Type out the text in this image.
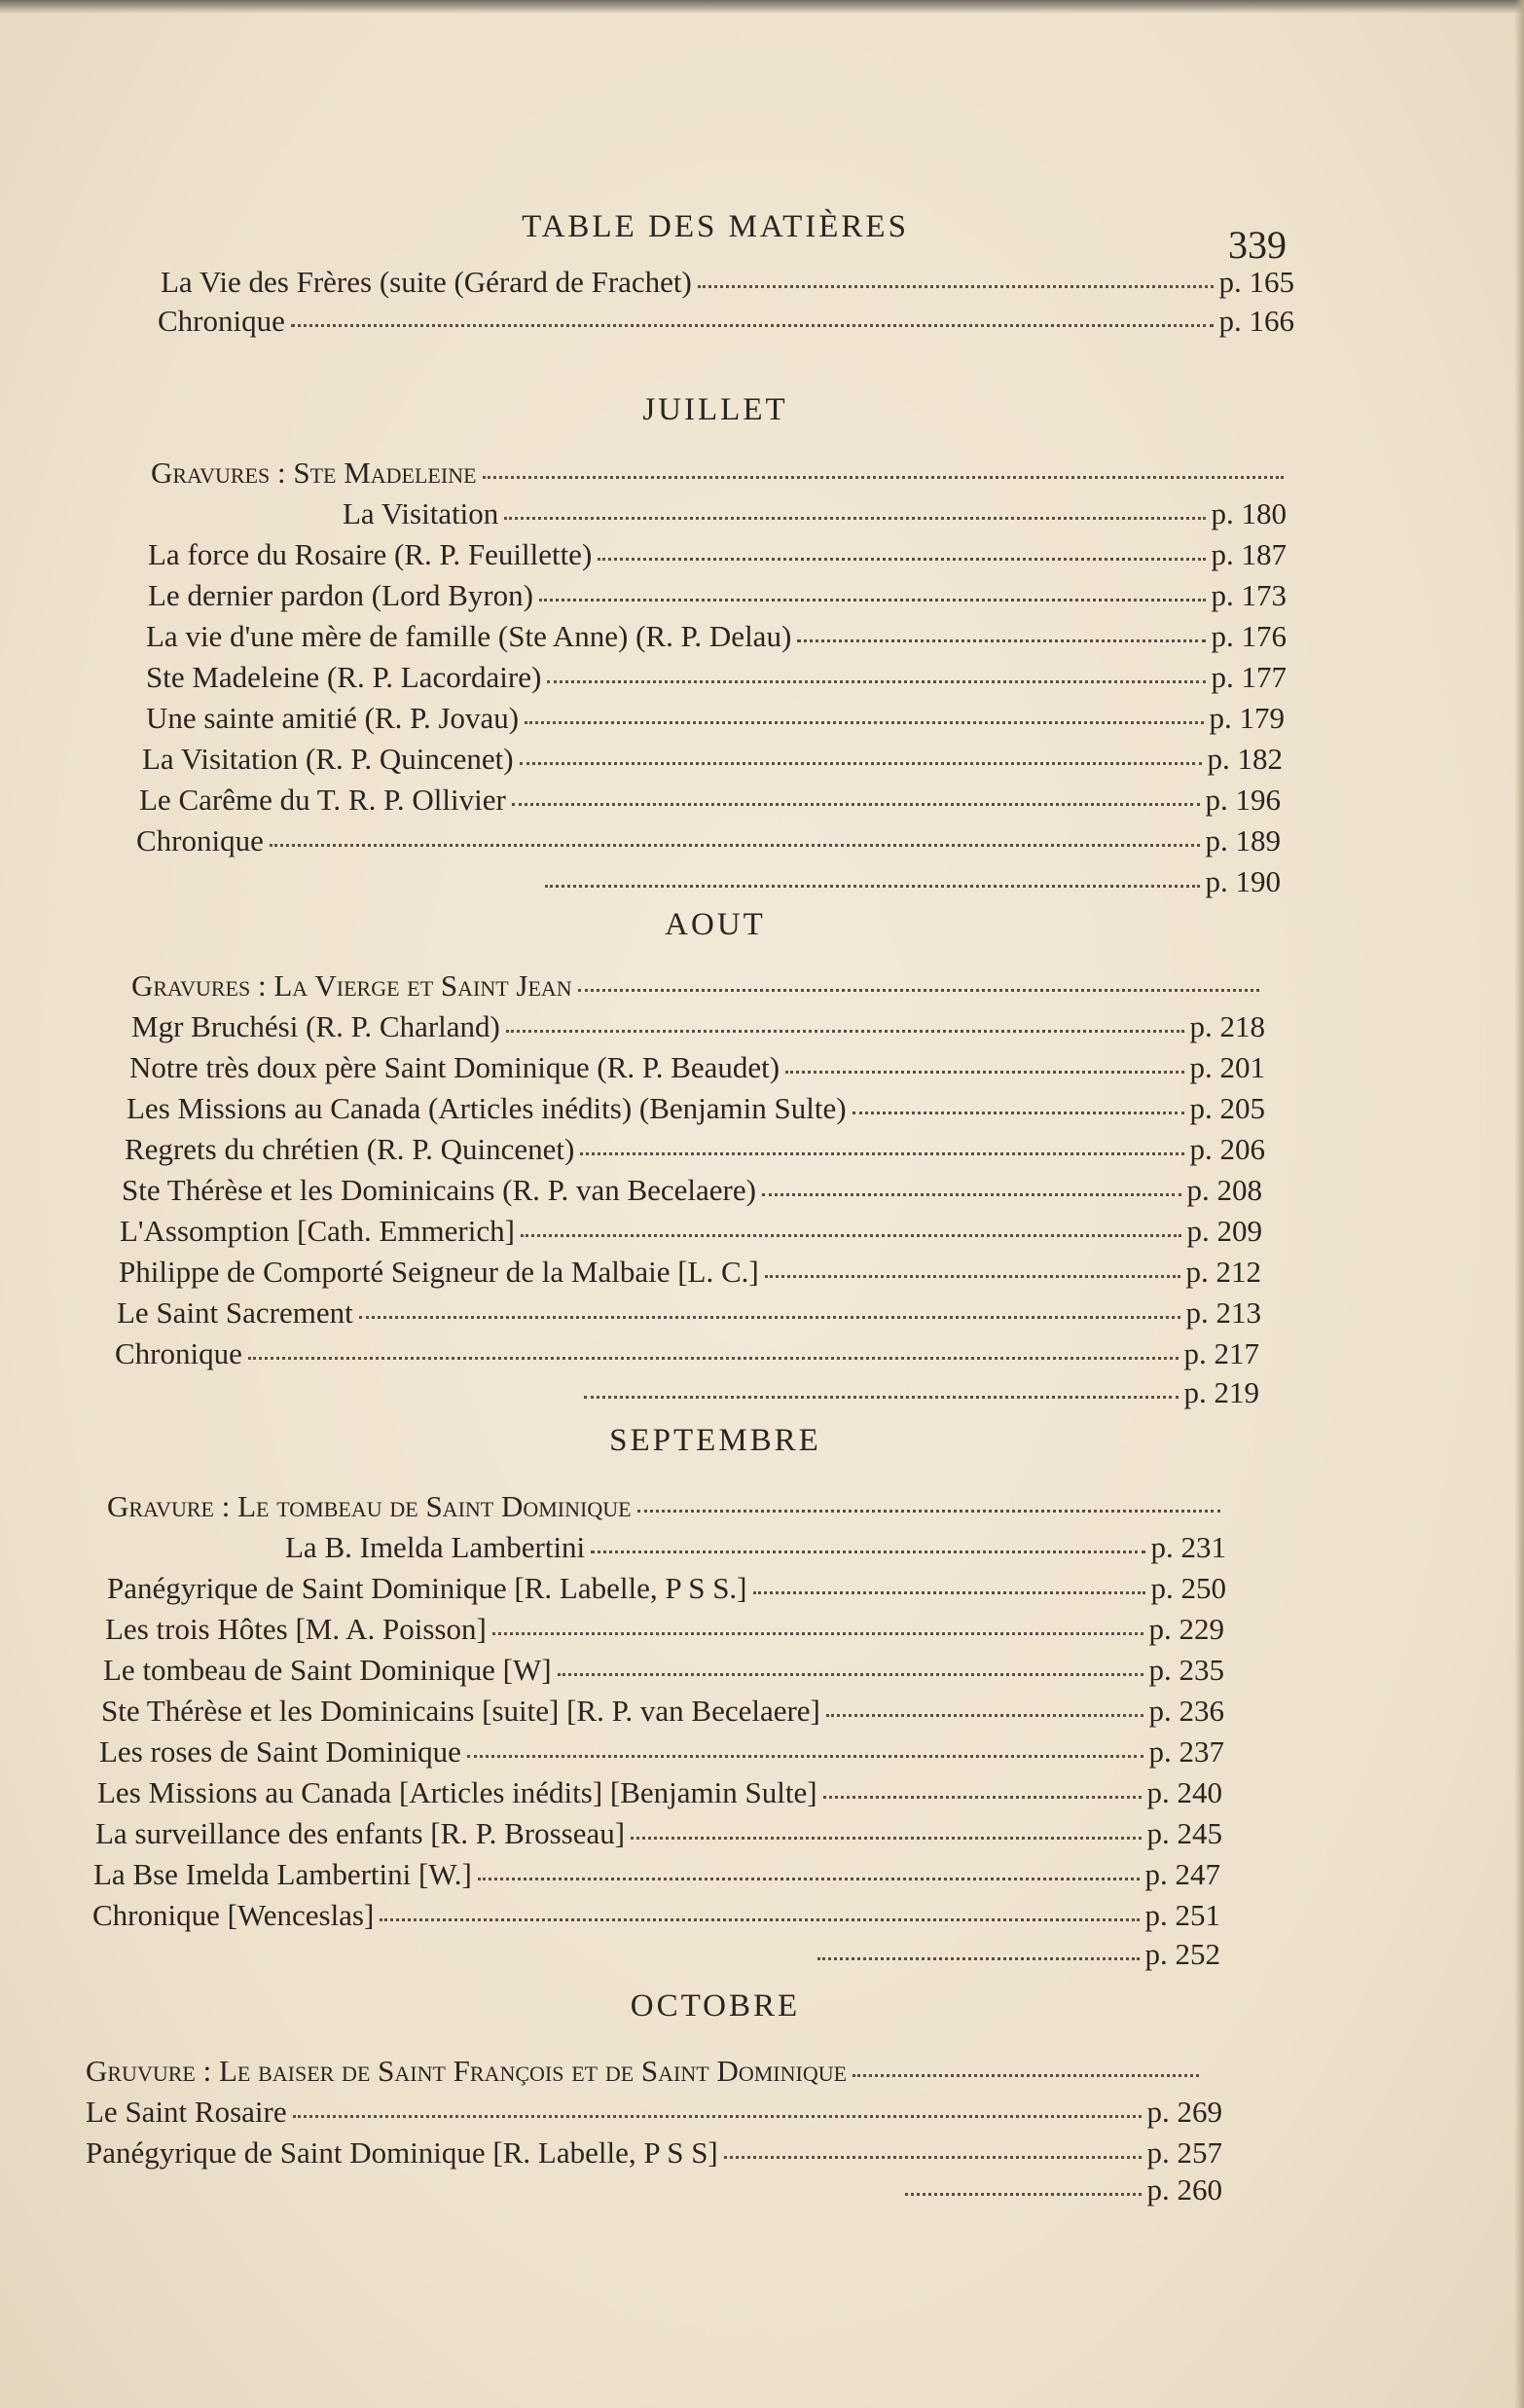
TABLE DES MATIÈRES	339
La Vie des Frères (suite (Gérard de Frachet)	p. 165
Chronique	p. 166
JUILLET
Gravures : Ste Madeleine
La Visitation	p. 180
La force du Rosaire (R. P. Feuillette)	p. 187
Le dernier pardon (Lord Byron)	p. 173
La vie d'une mère de famille (Ste Anne) (R. P. Delau)	p. 176
Ste Madeleine (R. P. Lacordaire)	p. 177
Une sainte amitié (R. P. Jovau)	p. 179
La Visitation (R. P. Quincenet)	p. 182
Le Carême du T. R. P. Ollivier	p. 196
Chronique	p. 189
p. 190
AOUT
Gravures : La Vierge et Saint Jean
Mgr Bruchési (R. P. Charland)	p. 218
Notre très doux père Saint Dominique (R. P. Beaudet)	p. 201
Les Missions au Canada (Articles inédits) (Benjamin Sulte)	p. 205
Regrets du chrétien (R. P. Quincenet)	p. 206
Ste Thérèse et les Dominicains (R. P. van Becelaere)	p. 208
L'Assomption [Cath. Emmerich]	p. 209
Philippe de Comporté Seigneur de la Malbaie [L. C.]	p. 212
Le Saint Sacrement	p. 213
Chronique	p. 217
p. 219
SEPTEMBRE
Gravure : Le tombeau de Saint Dominique
La B. Imelda Lambertini	p. 231
Panégyrique de Saint Dominique [R. Labelle, P S S.]	p. 250
Les trois Hôtes [M. A. Poisson]	p. 229
Le tombeau de Saint Dominique [W]	p. 235
Ste Thérèse et les Dominicains [suite] [R. P. van Becelaere]	p. 236
Les roses de Saint Dominique	p. 237
Les Missions au Canada [Articles inédits] [Benjamin Sulte]	p. 240
La surveillance des enfants [R. P. Brosseau]	p. 245
La Bse Imelda Lambertini [W.]	p. 247
Chronique [Wenceslas]	p. 251
p. 252
OCTOBRE
Gruvure : Le baiser de Saint François et de Saint Dominique
Le Saint Rosaire	p. 269
Panégyrique de Saint Dominique [R. Labelle, P S S]	p. 257
p. 260
